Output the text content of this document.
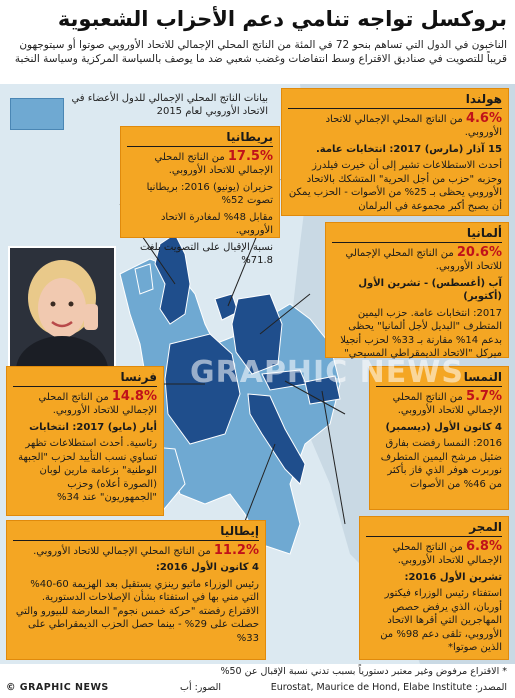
بروكسل تواجه تنامي دعم الأحزاب الشعبوية
الناخبون في الدول التي تساهم بنحو 72 في المئة من الناتج المحلي الإجمالي للاتحاد الأوروبي صوتوا أو سيتوجهون قريباً للتصويت في صناديق الاقتراع وسط انتفاضات وغضب شعبي ضد ما يوصف بالسياسة المركزية وسياسة النخبة
بيانات الناتج المحلي الإجمالي للدول الأعضاء في الاتحاد الأوروبي لعام 2015
بريطانيا

17.5% من الناتج المحلي الإجمالي للاتحاد الأوروبي.

حزيران (يونيو) 2016: بريطانيا تصوت 52%

مقابل 48% لمغادرة الاتحاد الأوروبي.

نسبة الإقبال على التصويت بلغت 71.8%

هولندا

4.6% من الناتج المحلي الإجمالي للاتحاد الأوروبي.

15 آذار (مارس) 2017: انتخابات عامة.

أحدث الاستطلاعات تشير إلى أن خيرت فيلدرز وحزبه "حزب من أجل الحرية" المتشكك بالاتحاد الأوروبي يحظى بـ 25% من الأصوات - الحزب يمكن أن يصبح أكبر مجموعة في البرلمان

ألمانيا

20.6% من الناتج المحلي الإجمالي للاتحاد الأوروبي.

آب (أغسطس) - تشرين الأول (أكتوبر)

2017: انتخابات عامة. حزب اليمين المتطرف "البديل لأجل ألمانيا" يحظى بدعم 14% مقارنة بـ 33% لحزب أنجيلا ميركل "الاتحاد الديمقراطي المسيحي"

فرنسا

14.8% من الناتج المحلي الإجمالي للاتحاد الأوروبي.

أيار (مايو) 2017: انتخابات

رئاسية. أحدث استطلاعات تظهر تساوي نسب التأييد لحزب "الجبهة الوطنية" بزعامة مارين لوبان (الصورة أعلاه) وحزب "الجمهوريون" عند 34%

النمسا

5.7% من الناتج المحلي الإجمالي للاتحاد الأوروبي.

4 كانون الأول (ديسمبر)

2016: النمسا رفضت بفارق ضئيل مرشح اليمين المتطرف نوربرت هوفر الذي فاز بأكثر من 46% من الأصوات

إيطاليا

11.2% من الناتج المحلي الإجمالي للاتحاد الأوروبي.

4 كانون الأول 2016:

رئيس الوزراء ماتيو رينزي يستقيل بعد الهزيمة 60-40% التي مني بها في استفتاء بشأن الإصلاحات الدستورية. الاقتراع رفضته "حركة خمس نجوم" المعارضة للبيورو والتي حصلت على 29% - بينما حصل الحزب الديمقراطي على 33%

المجر

6.8% من الناتج المحلي الإجمالي للاتحاد الأوروبي.

تشرين الأول 2016:

استفتاء رئيس الوزراء فيكتور أوربان، الذي يرفض حصص المهاجرين التي أقرها الاتحاد الأوروبي، تلقى دعم 98% من الذين صوتوا*

GRAPHIC NEWS
* الاقتراع مرفوض وغير معتبر دستورياً بسبب تدني نسبة الإقبال عن 50%
المصدر: Eurostat, Maurice de Hond, Elabe Institute
الصور: أب
© GRAPHIC NEWS
